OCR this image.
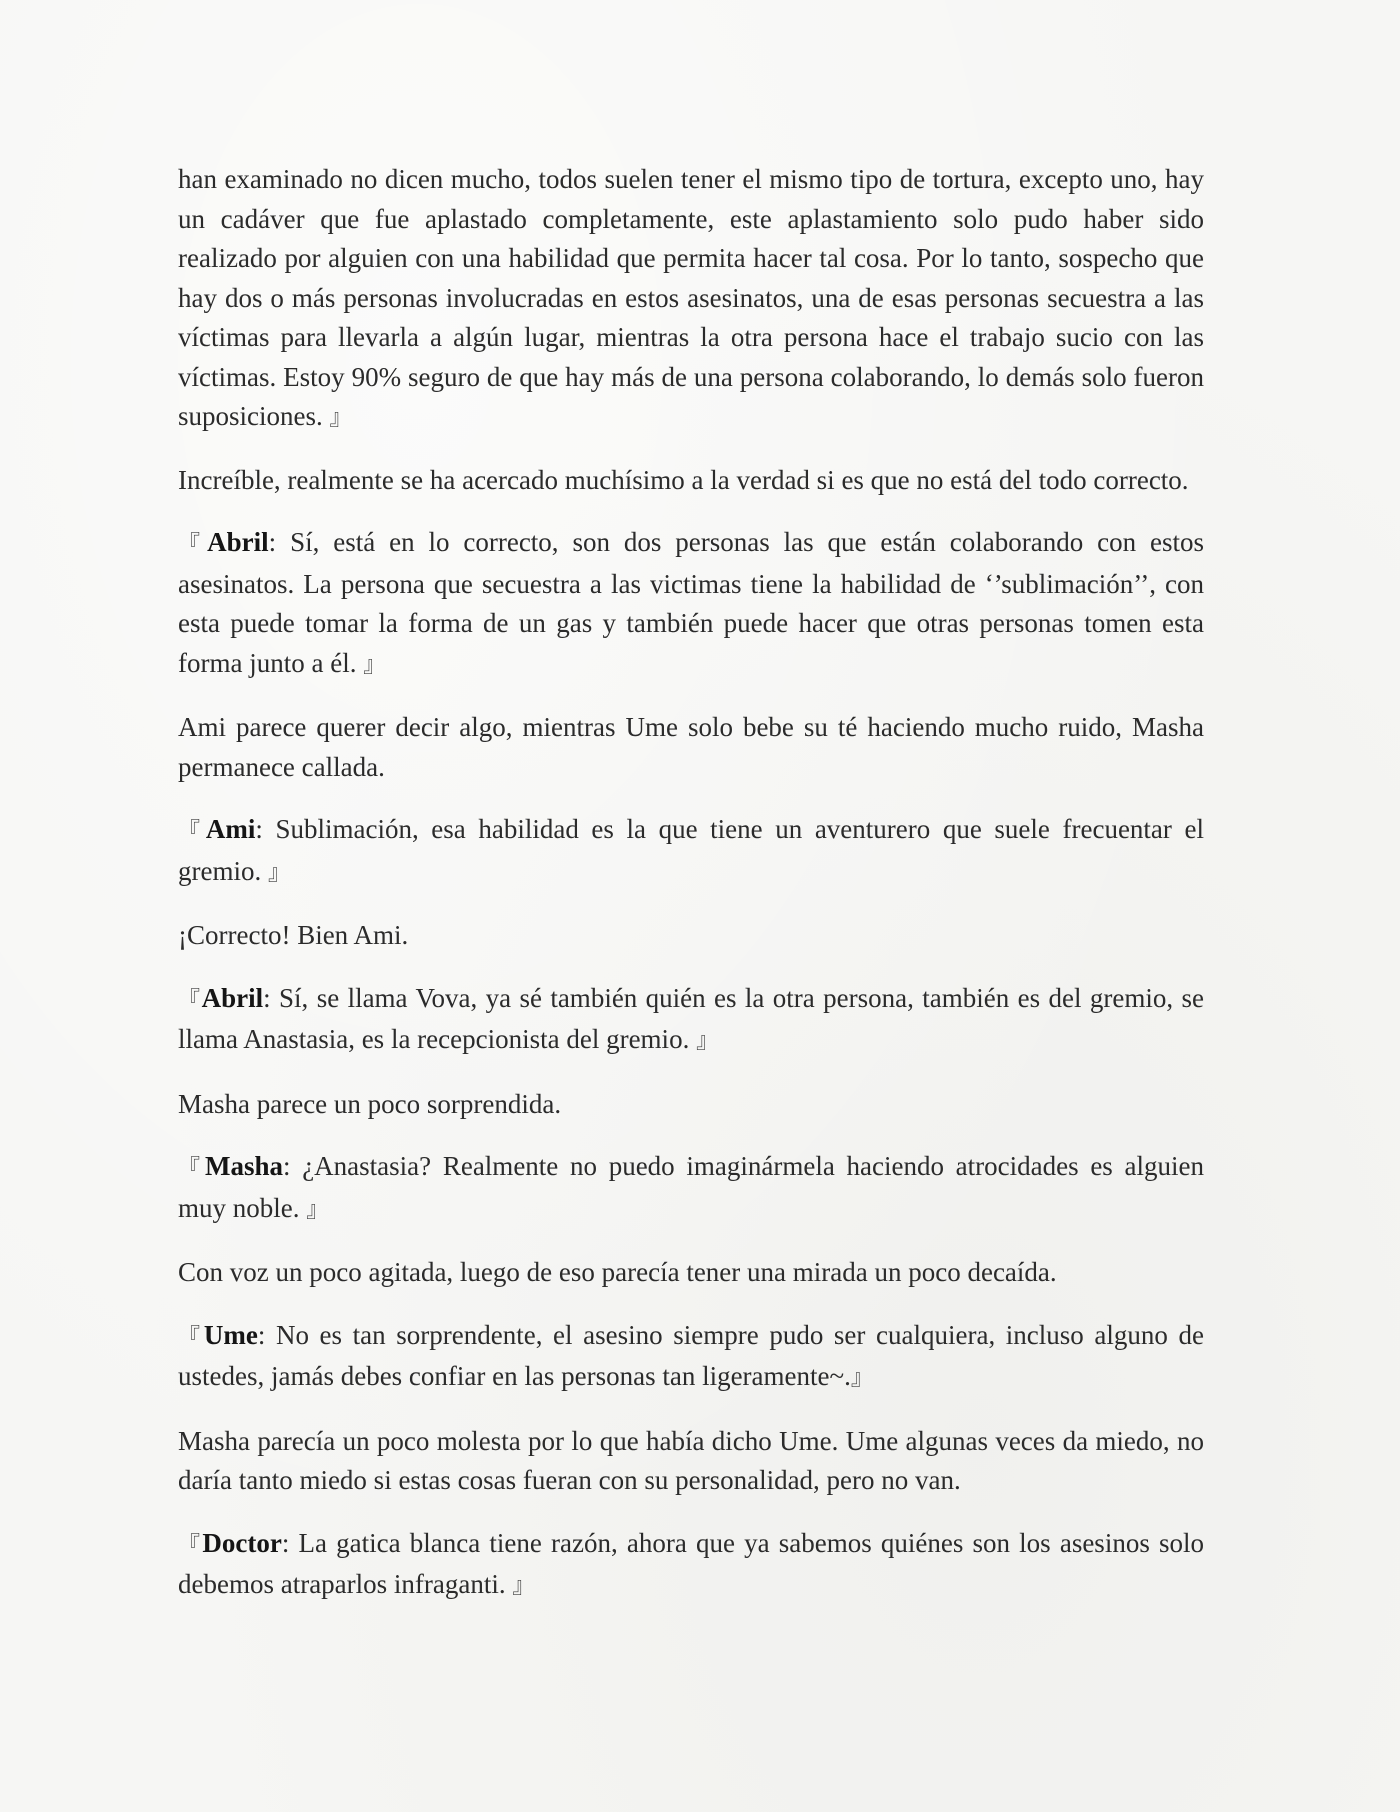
han examinado no dicen mucho, todos suelen tener el mismo tipo de tortura, excepto uno, hay un cadáver que fue aplastado completamente, este aplastamiento solo pudo haber sido realizado por alguien con una habilidad que permita hacer tal cosa. Por lo tanto, sospecho que hay dos o más personas involucradas en estos asesinatos, una de esas personas secuestra a las víctimas para llevarla a algún lugar, mientras la otra persona hace el trabajo sucio con las víctimas. Estoy 90% seguro de que hay más de una persona colaborando, lo demás solo fueron suposiciones. 』

Increíble, realmente se ha acercado muchísimo a la verdad si es que no está del todo correcto.

『Abril: Sí, está en lo correcto, son dos personas las que están colaborando con estos asesinatos. La persona que secuestra a las victimas tiene la habilidad de ‘’sublimación’’, con esta puede tomar la forma de un gas y también puede hacer que otras personas tomen esta forma junto a él. 』

Ami parece querer decir algo, mientras Ume solo bebe su té haciendo mucho ruido, Masha permanece callada.

『Ami: Sublimación, esa habilidad es la que tiene un aventurero que suele frecuentar el gremio. 』

¡Correcto! Bien Ami.

『Abril: Sí, se llama Vova, ya sé también quién es la otra persona, también es del gremio, se llama Anastasia, es la recepcionista del gremio. 』

Masha parece un poco sorprendida.

『Masha: ¿Anastasia? Realmente no puedo imaginármela haciendo atrocidades es alguien muy noble. 』

Con voz un poco agitada, luego de eso parecía tener una mirada un poco decaída.

『Ume: No es tan sorprendente, el asesino siempre pudo ser cualquiera, incluso alguno de ustedes, jamás debes confiar en las personas tan ligeramente~.』

Masha parecía un poco molesta por lo que había dicho Ume. Ume algunas veces da miedo, no daría tanto miedo si estas cosas fueran con su personalidad, pero no van.

『Doctor: La gatica blanca tiene razón, ahora que ya sabemos quiénes son los asesinos solo debemos atraparlos infraganti. 』
